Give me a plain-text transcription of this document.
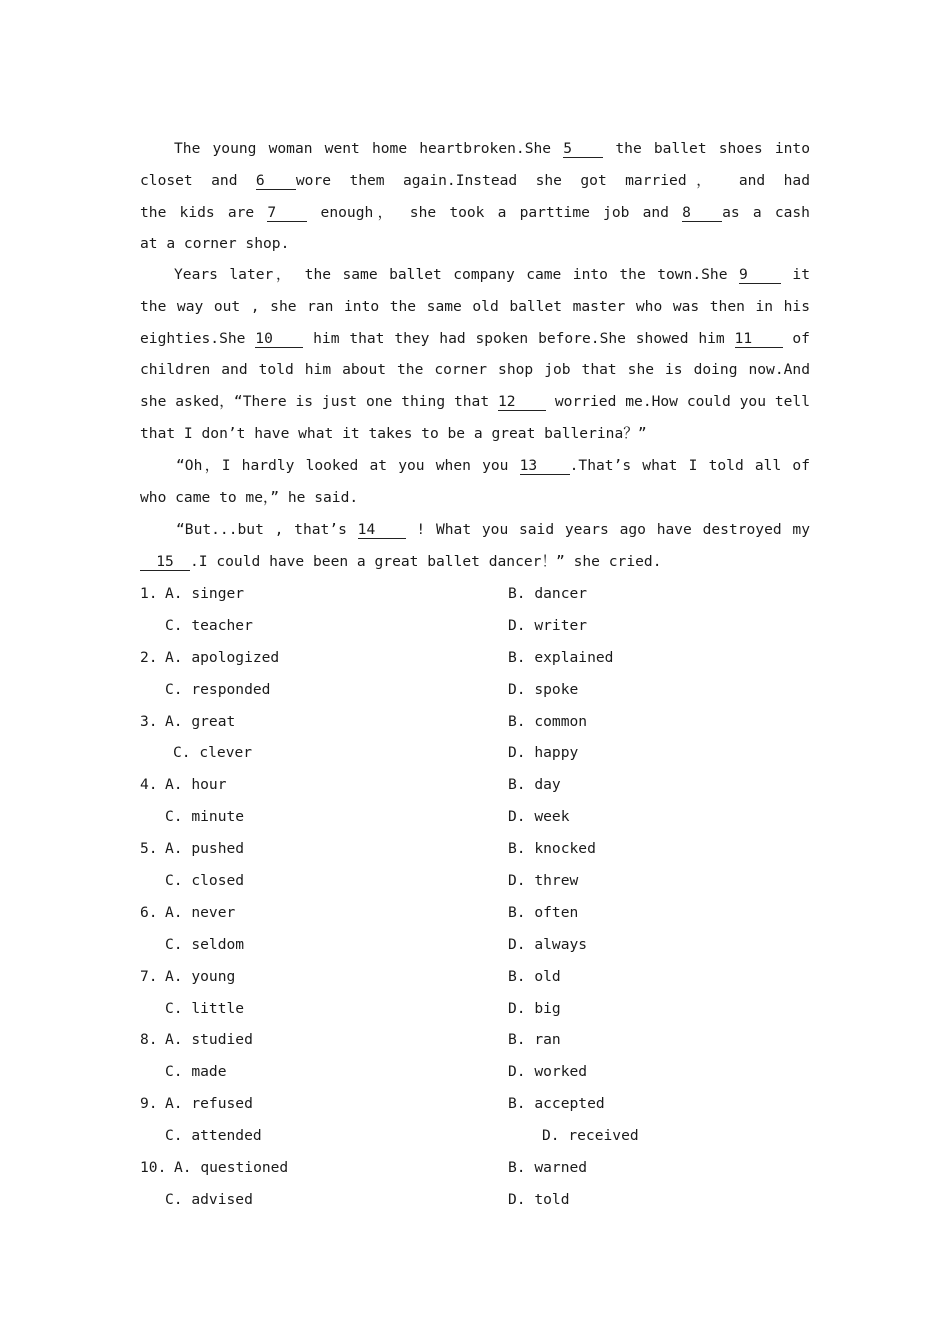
The young woman went home heartbroken.She 5	the ballet shoes into
closet and 6 wore them again.Instead she got married， and had
the kids are 7	enough， she took a parttime job and 8 as a cash
at a corner shop.
Years later， the same ballet company came into the town.She 9	it
the way out , she ran into the same old ballet master who was then in his
eighties.She 10	him that they had spoken before.She showed him 11	of
children and told him about the corner shop job that she is doing now.And
she asked，“There is just one thing that 12	worried me.How could you tell
that I don’t have what it takes to be a great ballerina？”
“Oh，I hardly looked at you when you 13 .That’s what I told all of
who came to me，” he said.
“But...but , that’s 14	! What you said years ago have destroyed my
15 .I could have been a great ballet dancer！” she cried.
1. A. singer	B. dancer
C. teacher	D. writer
2. A. apologized	B. explained
C. responded	D. spoke
3. A. great	B. common
C. clever	D. happy
4. A. hour	B. day
C. minute	D. week
5. A. pushed	B. knocked
C. closed	D. threw
6. A. never	B. often
C. seldom	D. always
7. A. young	B. old
C. little	D. big
8. A. studied	B. ran
C. made	D. worked
9. A. refused	B. accepted
C. attended	D. received
10. A. questioned	B. warned
C. advised	D. told
